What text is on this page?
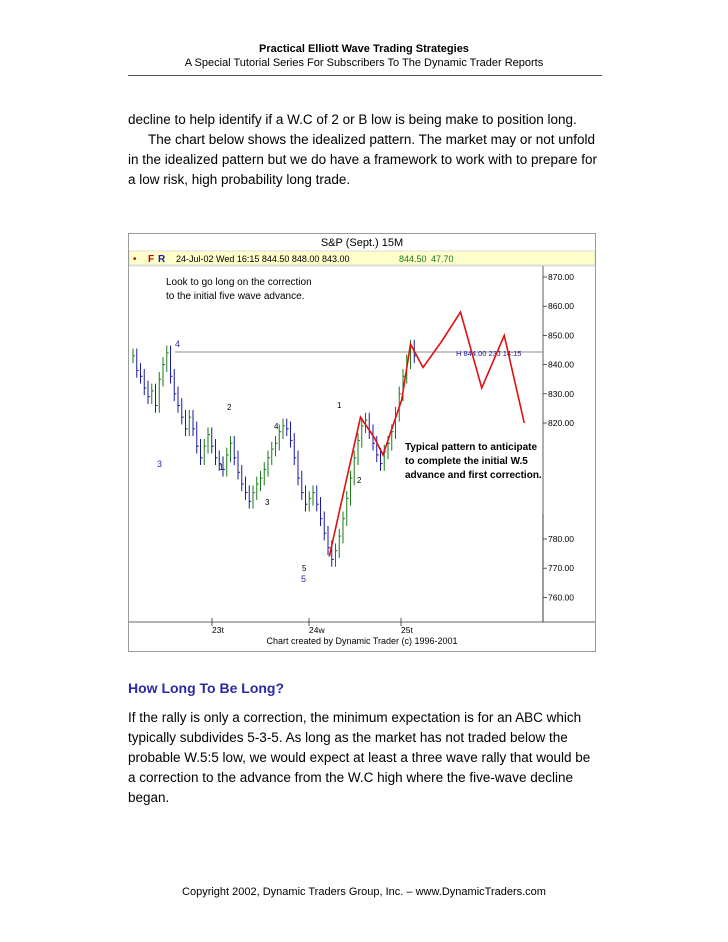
Practical Elliott Wave Trading Strategies
A Special Tutorial Series For Subscribers To The Dynamic Trader Reports

decline to help identify if a W.C of 2 or B low is being make to position long.

The chart below shows the idealized pattern. The market may or not unfold in the idealized pattern but we do have a framework to work with to prepare for a low risk, high probability long trade.

S&P (Sept.) 15M
• F R 24-Jul-02 Wed 16:15 844.50 848.00 843.00	844.50 47.70
870.00
860.00
850.00
840.00
830.00
820.00
780.00
770.00
760.00
23t	24w	25t
H 844.00 23J 14:15
Look to go long on the correction
to the initial five wave advance.
Typical pattern to anticipate
to complete the initial W.5
advance and first correction.
4
3
5
2
1
4
3
5
1
2
Chart created by Dynamic Trader (c) 1996-2001
How Long To Be Long?

If the rally is only a correction, the minimum expectation is for an ABC which typically subdivides 5-3-5. As long as the market has not traded below the probable W.5:5 low, we would expect at least a three wave rally that would be a correction to the advance from the W.C high where the five-wave decline began.

Copyright 2002, Dynamic Traders Group, Inc. – www.DynamicTraders.com
